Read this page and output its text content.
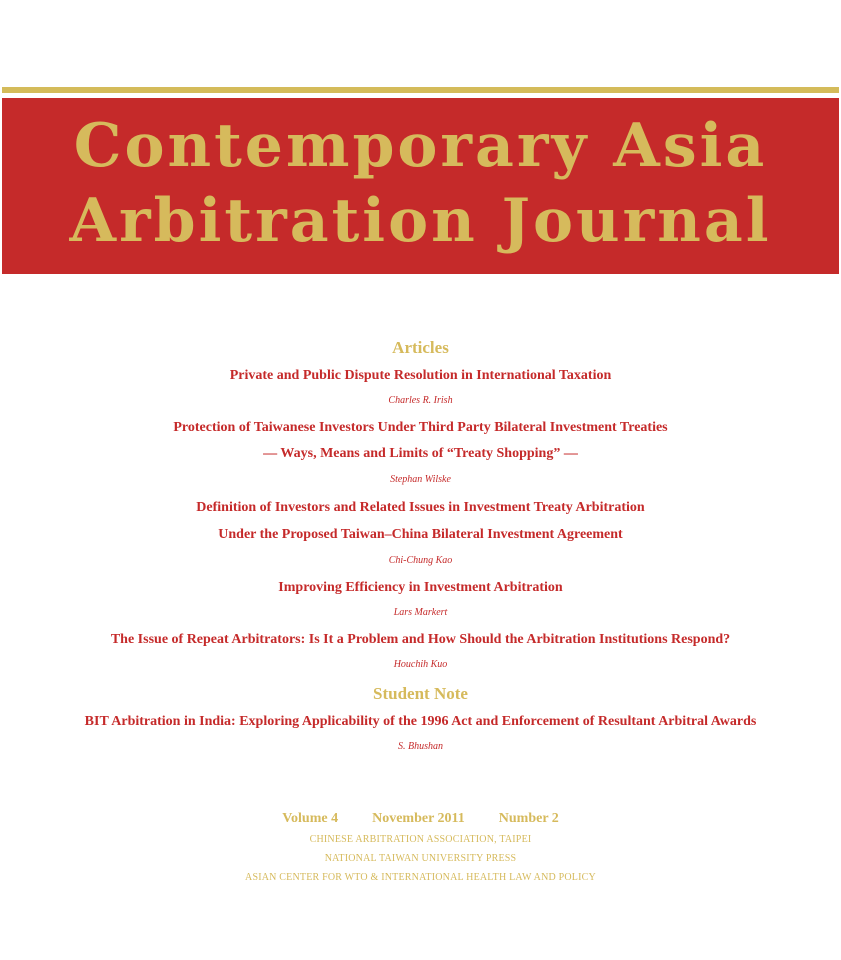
Contemporary Asia
Arbitration Journal

Articles

Private and Public Dispute Resolution in International Taxation

Charles R. Irish

Protection of Taiwanese Investors Under Third Party Bilateral Investment Treaties

— Ways, Means and Limits of “Treaty Shopping” —

Stephan Wilske

Definition of Investors and Related Issues in Investment Treaty Arbitration

Under the Proposed Taiwan–China Bilateral Investment Agreement

Chi-Chung Kao

Improving Efficiency in Investment Arbitration

Lars Markert

The Issue of Repeat Arbitrators: Is It a Problem and How Should the Arbitration Institutions Respond?

Houchih Kuo

Student Note

BIT Arbitration in India: Exploring Applicability of the 1996 Act and Enforcement of Resultant Arbitral Awards

S. Bhushan

Volume 4 November 2011 Number 2

CHINESE ARBITRATION ASSOCIATION, TAIPEI

NATIONAL TAIWAN UNIVERSITY PRESS

ASIAN CENTER FOR WTO & INTERNATIONAL HEALTH LAW AND POLICY
